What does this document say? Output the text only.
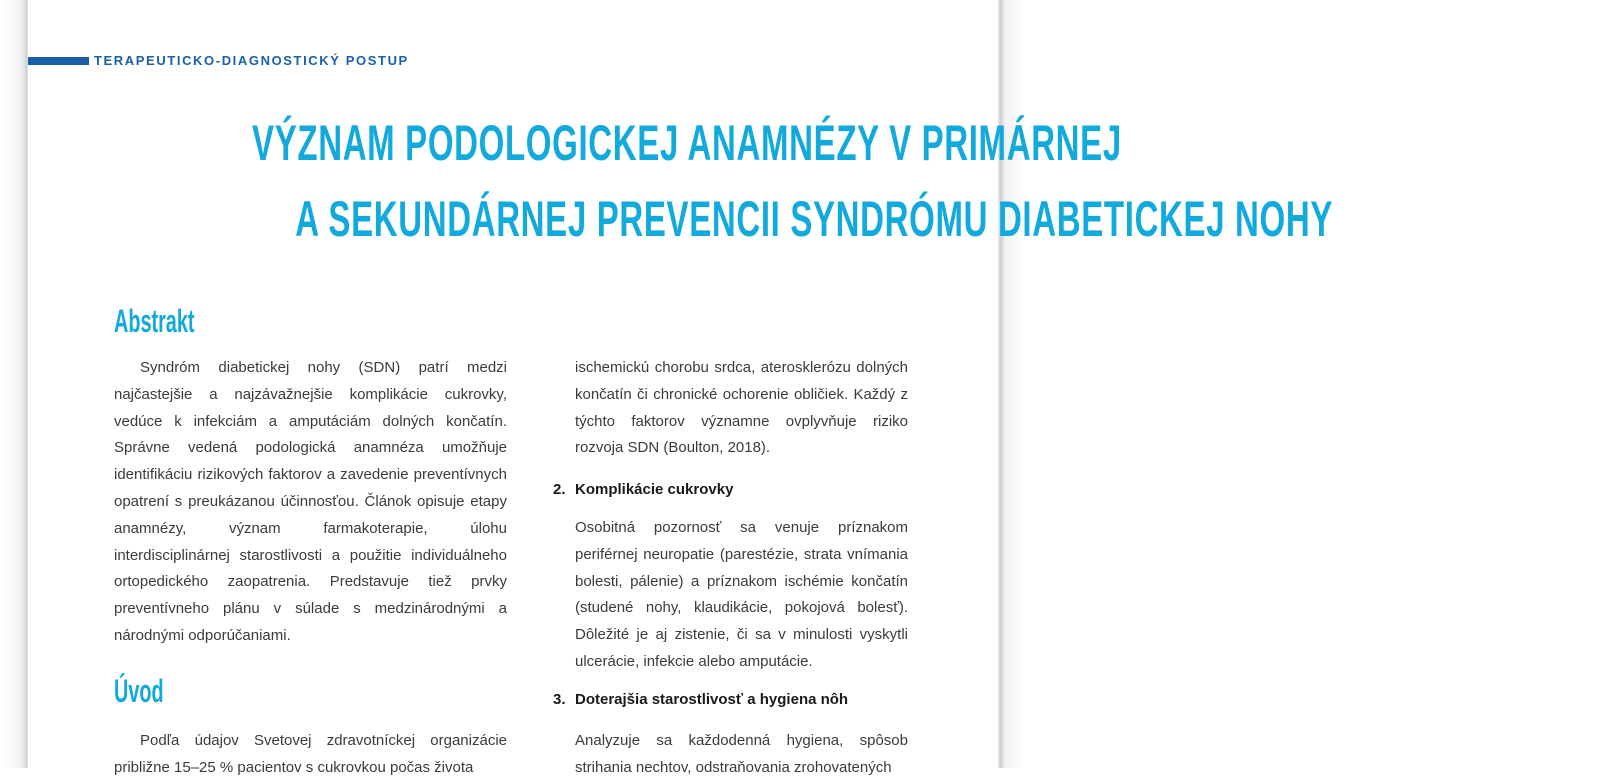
TERAPEUTICKO-DIAGNOSTICKÝ POSTUP
VÝZNAM PODOLOGICKEJ ANAMNÉZY V PRIMÁRNEJ
A SEKUNDÁRNEJ PREVENCII SYNDRÓMU DIABETICKEJ NOHY
Abstrakt

Syndróm diabetickej nohy (SDN) patrí medzi najčastejšie a najzávažnejšie komplikácie cukrovky, vedúce k infekciám a amputáciám dolných končatín. Správne vedená podologická anamnéza umožňuje identifikáciu rizikových faktorov a zavedenie preventívnych opatrení s preukázanou účinnosťou. Článok opisuje etapy anamnézy, význam farmakoterapie, úlohu interdisciplinárnej starostlivosti a použitie individuálneho ortopedického zaopatrenia. Predstavuje tiež prvky preventívneho plánu v súlade s medzinárodnými a národnými odporúčaniami.

Úvod

Podľa údajov Svetovej zdravotníckej organizácie približne 15–25 % pacientov s cukrovkou počas života

ischemickú chorobu srdca, aterosklerózu dolných končatín či chronické ochorenie obličiek. Každý z týchto faktorov významne ovplyvňuje riziko rozvoja SDN (Boulton, 2018).

2. Komplikácie cukrovky

Osobitná pozornosť sa venuje príznakom periférnej neuropatie (parestézie, strata vnímania bolesti, pálenie) a príznakom ischémie končatín (studené nohy, klaudikácie, pokojová bolesť). Dôležité je aj zistenie, či sa v minulosti vyskytli ulcerácie, infekcie alebo amputácie.

3. Doterajšia starostlivosť a hygiena nôh

Analyzuje sa každodenná hygiena, spôsob strihania nechtov, odstraňovania zrohovatených
